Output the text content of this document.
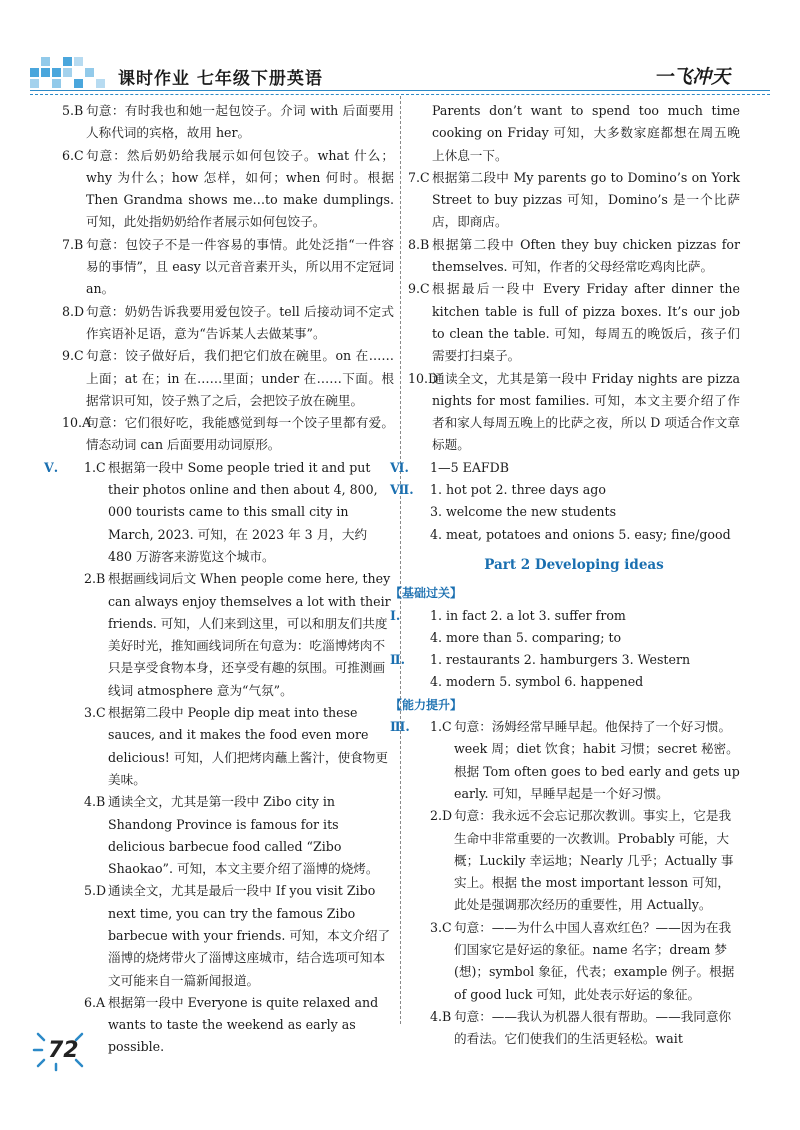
课时作业 七年级下册英语	一飞冲天
5.B 句意：有时我也和她一起包饺子。介词 with 后面要用人称代词的宾格，故用 her。
6.C 句意：然后奶奶给我展示如何包饺子。what 什么；why 为什么；how 怎样，如何；when 何时。根据 Then Grandma shows me…to make dumplings. 可知，此处指奶奶给作者展示如何包饺子。
7.B 句意：包饺子不是一件容易的事情。此处泛指“一件容易的事情”，且 easy 以元音音素开头，所以用不定冠词 an。
8.D 句意：奶奶告诉我要用爱包饺子。tell 后接动词不定式作宾语补足语，意为“告诉某人去做某事”。
9.C 句意：饺子做好后，我们把它们放在碗里。on 在……上面；at 在；in 在……里面；under 在……下面。根据常识可知，饺子熟了之后，会把饺子放在碗里。
10.A
句意：它们很好吃，我能感觉到每一个饺子里都有爱。情态动词 can 后面要用动词原形。
Ⅴ. 1.C 根据第一段中 Some people tried it and put their photos online and then about 4, 800, 000 tourists came to this small city in March, 2023. 可知，在 2023 年 3 月，大约 480 万游客来游览这个城市。
2.B 根据画线词后文 When people come here, they can always enjoy themselves a lot with their friends. 可知，人们来到这里，可以和朋友们共度美好时光，推知画线词所在句意为：吃淄博烤肉不只是享受食物本身，还享受有趣的氛围。可推测画线词 atmosphere 意为“气氛”。
3.C 根据第二段中 People dip meat into these sauces, and it makes the food even more delicious! 可知，人们把烤肉蘸上酱汁，使食物更美味。
4.B 通读全文，尤其是第一段中 Zibo city in Shandong Province is famous for its delicious barbecue food called “Zibo Shaokao”. 可知，本文主要介绍了淄博的烧烤。
5.D 通读全文，尤其是最后一段中 If you visit Zibo next time, you can try the famous Zibo barbecue with your friends. 可知，本文介绍了淄博的烧烤带火了淄博这座城市，结合选项可知本文可能来自一篇新闻报道。
6.A 根据第一段中 Everyone is quite relaxed and wants to taste the weekend as early as possible.
Parents don’t want to spend too much time cooking on Friday 可知，大多数家庭都想在周五晚上休息一下。
7.C 根据第二段中 My parents go to Domino’s on York Street to buy pizzas 可知，Domino’s 是一个比萨店，即商店。
8.B 根据第二段中 Often they buy chicken pizzas for themselves. 可知，作者的父母经常吃鸡肉比萨。
9.C 根据最后一段中 Every Friday after dinner the kitchen table is full of pizza boxes. It’s our job to clean the table. 可知，每周五的晚饭后，孩子们需要打扫桌子。
10.D
通读全文，尤其是第一段中 Friday nights are pizza nights for most families. 可知，本文主要介绍了作者和家人每周五晚上的比萨之夜，所以 D 项适合作文章标题。
Ⅵ. 1—5 EAFDB
Ⅶ. 1. hot pot 2. three days ago
3. welcome the new students
4. meat, potatoes and onions 5. easy; fine/good
Part 2 Developing ideas
【基础过关】
Ⅰ. 1. in fact 2. a lot 3. suffer from
4. more than 5. comparing; to
Ⅱ. 1. restaurants 2. hamburgers 3. Western
4. modern 5. symbol 6. happened
【能力提升】
Ⅲ. 1.C 句意：汤姆经常早睡早起。他保持了一个好习惯。week 周；diet 饮食；habit 习惯；secret 秘密。根据 Tom often goes to bed early and gets up early. 可知，早睡早起是一个好习惯。
2.D 句意：我永远不会忘记那次教训。事实上，它是我生命中非常重要的一次教训。Probably 可能，大概；Luckily 幸运地；Nearly 几乎；Actually 事实上。根据 the most important lesson 可知，此处是强调那次经历的重要性，用 Actually。
3.C 句意：——为什么中国人喜欢红色？——因为在我们国家它是好运的象征。name 名字；dream 梦(想)；symbol 象征，代表；example 例子。根据 of good luck 可知，此处表示好运的象征。
4.B 句意：——我认为机器人很有帮助。——我同意你的看法。它们使我们的生活更轻松。wait
72
